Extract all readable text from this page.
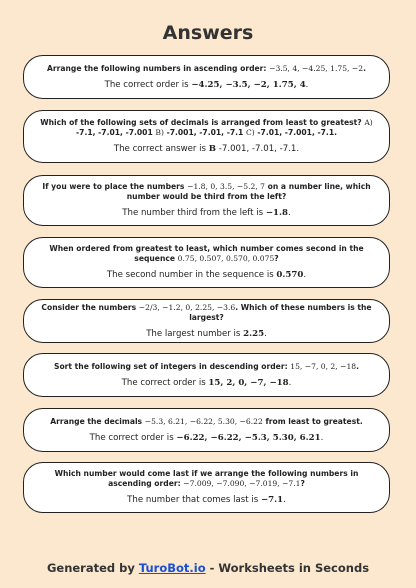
Answers
Arrange the following numbers in ascending order: −3.5, 4, −4.25, 1.75, −2.
The correct order is −4.25, −3.5, −2, 1.75, 4.
Which of the following sets of decimals is arranged from least to greatest? A) -7.1, -7.01, -7.001 B) -7.001, -7.01, -7.1 C) -7.01, -7.001, -7.1.
The correct answer is B -7.001, -7.01, -7.1.
If you were to place the numbers −1.8, 0, 3.5, −5.2, 7 on a number line, which number would be third from the left?
The number third from the left is −1.8.
When ordered from greatest to least, which number comes second in the sequence 0.75, 0.507, 0.570, 0.075?
The second number in the sequence is 0.570.
Consider the numbers −2/3, −1.2, 0, 2.25, −3.6. Which of these numbers is the largest?
The largest number is 2.25.
Sort the following set of integers in descending order: 15, −7, 0, 2, −18.
The correct order is 15, 2, 0, −7, −18.
Arrange the decimals −5.3, 6.21, −6.22, 5.30, −6.22 from least to greatest.
The correct order is −6.22, −6.22, −5.3, 5.30, 6.21.
Which number would come last if we arrange the following numbers in ascending order: −7.009, −7.090, −7.019, −7.1?
The number that comes last is −7.1.
Generated by TuroBot.io - Worksheets in Seconds
